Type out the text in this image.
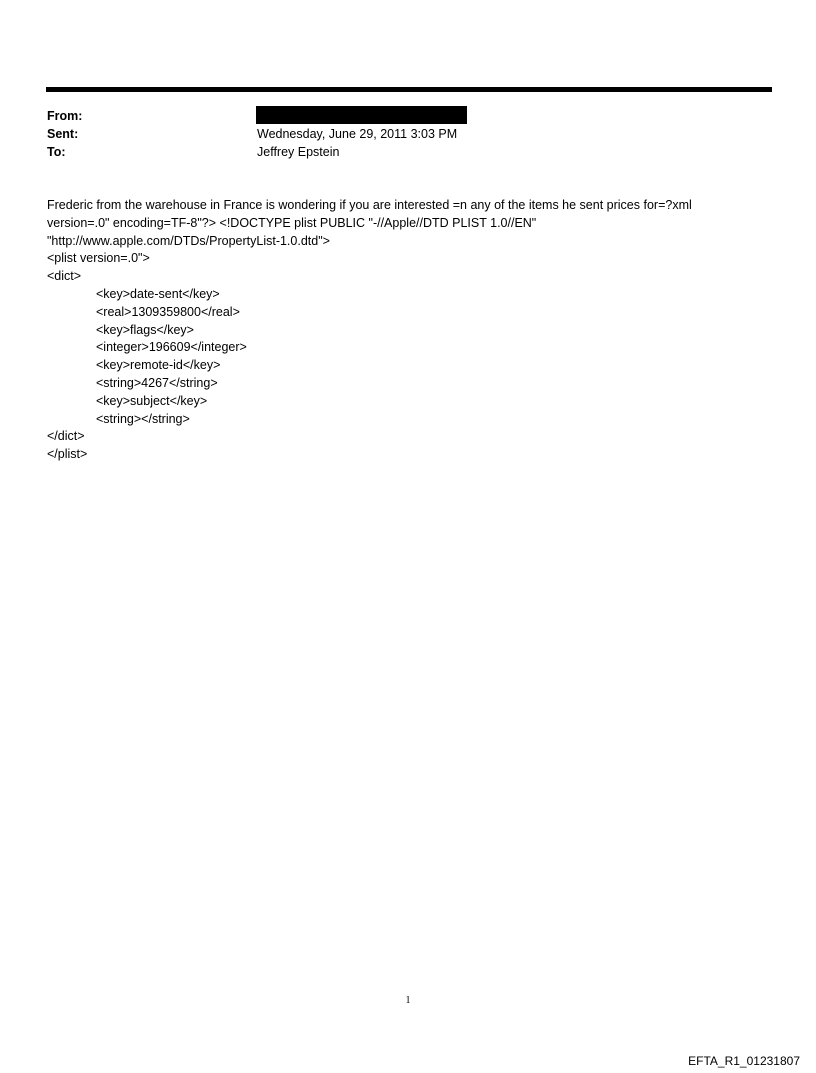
From:
Sent:	Wednesday, June 29, 2011 3:03 PM
To:	Jeffrey Epstein
Frederic from the warehouse in France is wondering if you are interested =n any of the items he sent prices for=?xml
version=.0" encoding=TF-8"?> <!DOCTYPE plist PUBLIC "-//Apple//DTD PLIST 1.0//EN"
"http://www.apple.com/DTDs/PropertyList-1.0.dtd">
<plist version=.0">
<dict>
<key>date-sent</key>
<real>1309359800</real>
<key>flags</key>
<integer>196609</integer>
<key>remote-id</key>
<string>4267</string>
<key>subject</key>
<string></string>
</dict>
</plist>
1
EFTA_R1_01231807
